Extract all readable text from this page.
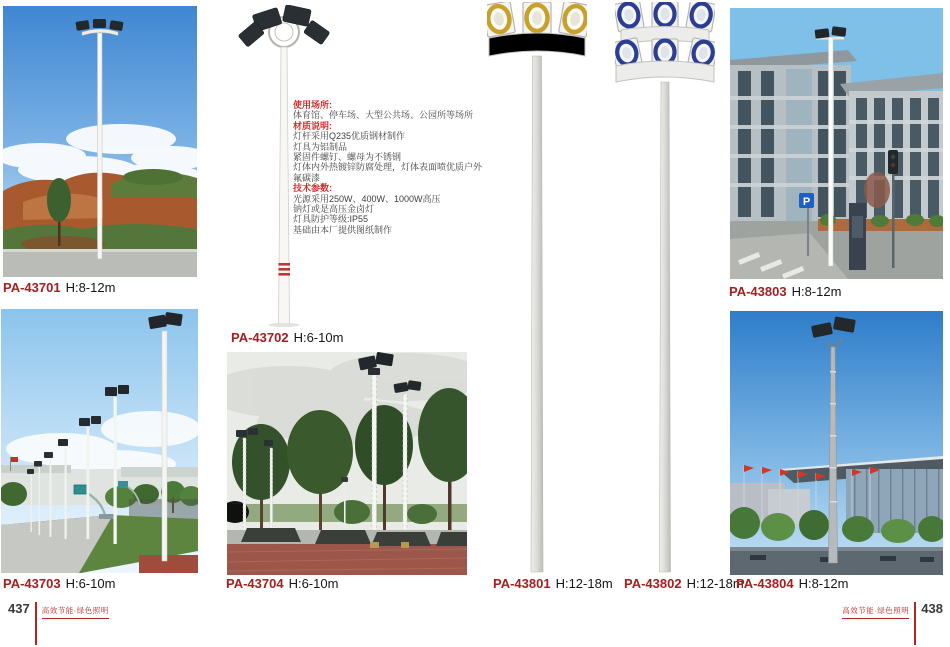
使用场所:
体育馆、停车场、大型公共场、公园所等场所
材质说明:
灯杆采用Q235优质钢材制作
灯具为铝制品
紧固件螺钉、螺母为不锈钢
灯体内外热镀锌防腐处理，灯体表面喷优质户外氟碳漆
技术参数:
光源采用250W、400W、1000W高压
钠灯或是高压金卤灯
灯具防护等级:IP55
基础由本厂提供图纸制作
P
PA-43701 H:8-12m
PA-43702 H:6-10m
PA-43703 H:6-10m	PA-43704 H:6-10m	PA-43801 H:12-18m PA-43802 H:12-18m
PA-43803 H:8-12m
PA-43804 H:8-12m
437 高效节能·绿色照明	高效节能·绿色照明 438
